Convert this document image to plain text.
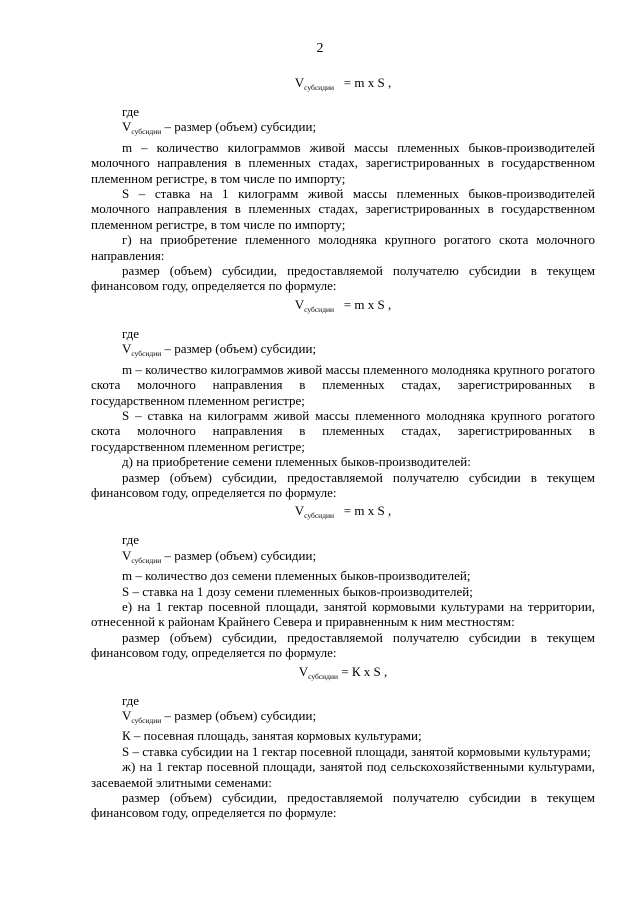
2
$V_{субсидии} = m$ x S ,

где

$V_{субсидии}$ – размер (объем) субсидии;

m – количество килограммов живой массы племенных быков-производителей молочного направления в племенных стадах, зарегистрированных в государственном племенном регистре, в том числе по импорту;

S – ставка на 1 килограмм живой массы племенных быков-производителей молочного направления в племенных стадах, зарегистрированных в государственном племенном регистре, в том числе по импорту;

г) на приобретение племенного молодняка крупного рогатого скота молочного направления:

размер (объем) субсидии, предоставляемой получателю субсидии в текущем финансовом году, определяется по формуле:

$V_{субсидии} = m$ x S ,

где

$V_{субсидии}$ – размер (объем) субсидии;

m – количество килограммов живой массы племенного молодняка крупного рогатого скота молочного направления в племенных стадах, зарегистрированных в государственном племенном регистре;

S – ставка на килограмм живой массы племенного молодняка крупного рогатого скота молочного направления в племенных стадах, зарегистрированных в государственном племенном регистре;

д) на приобретение семени племенных быков-производителей:

размер (объем) субсидии, предоставляемой получателю субсидии в текущем финансовом году, определяется по формуле:

$V_{субсидии} = m$ x S ,

где

$V_{субсидии}$ – размер (объем) субсидии;

m – количество доз семени племенных быков-производителей;

S – ставка на 1 дозу семени племенных быков-производителей;

е) на 1 гектар посевной площади, занятой кормовыми культурами на территории, отнесенной к районам Крайнего Севера и приравненным к ним местностям:

размер (объем) субсидии, предоставляемой получателю субсидии в текущем финансовом году, определяется по формуле:

$V_{субсидии} = К$ x S ,

где

$V_{субсидии}$ – размер (объем) субсидии;

К – посевная площадь, занятая кормовых культурами;

S – ставка субсидии на 1 гектар посевной площади, занятой кормовыми культурами;

ж) на 1 гектар посевной площади, занятой под сельскохозяйственными культурами, засеваемой элитными семенами:

размер (объем) субсидии, предоставляемой получателю субсидии в текущем финансовом году, определяется по формуле:
